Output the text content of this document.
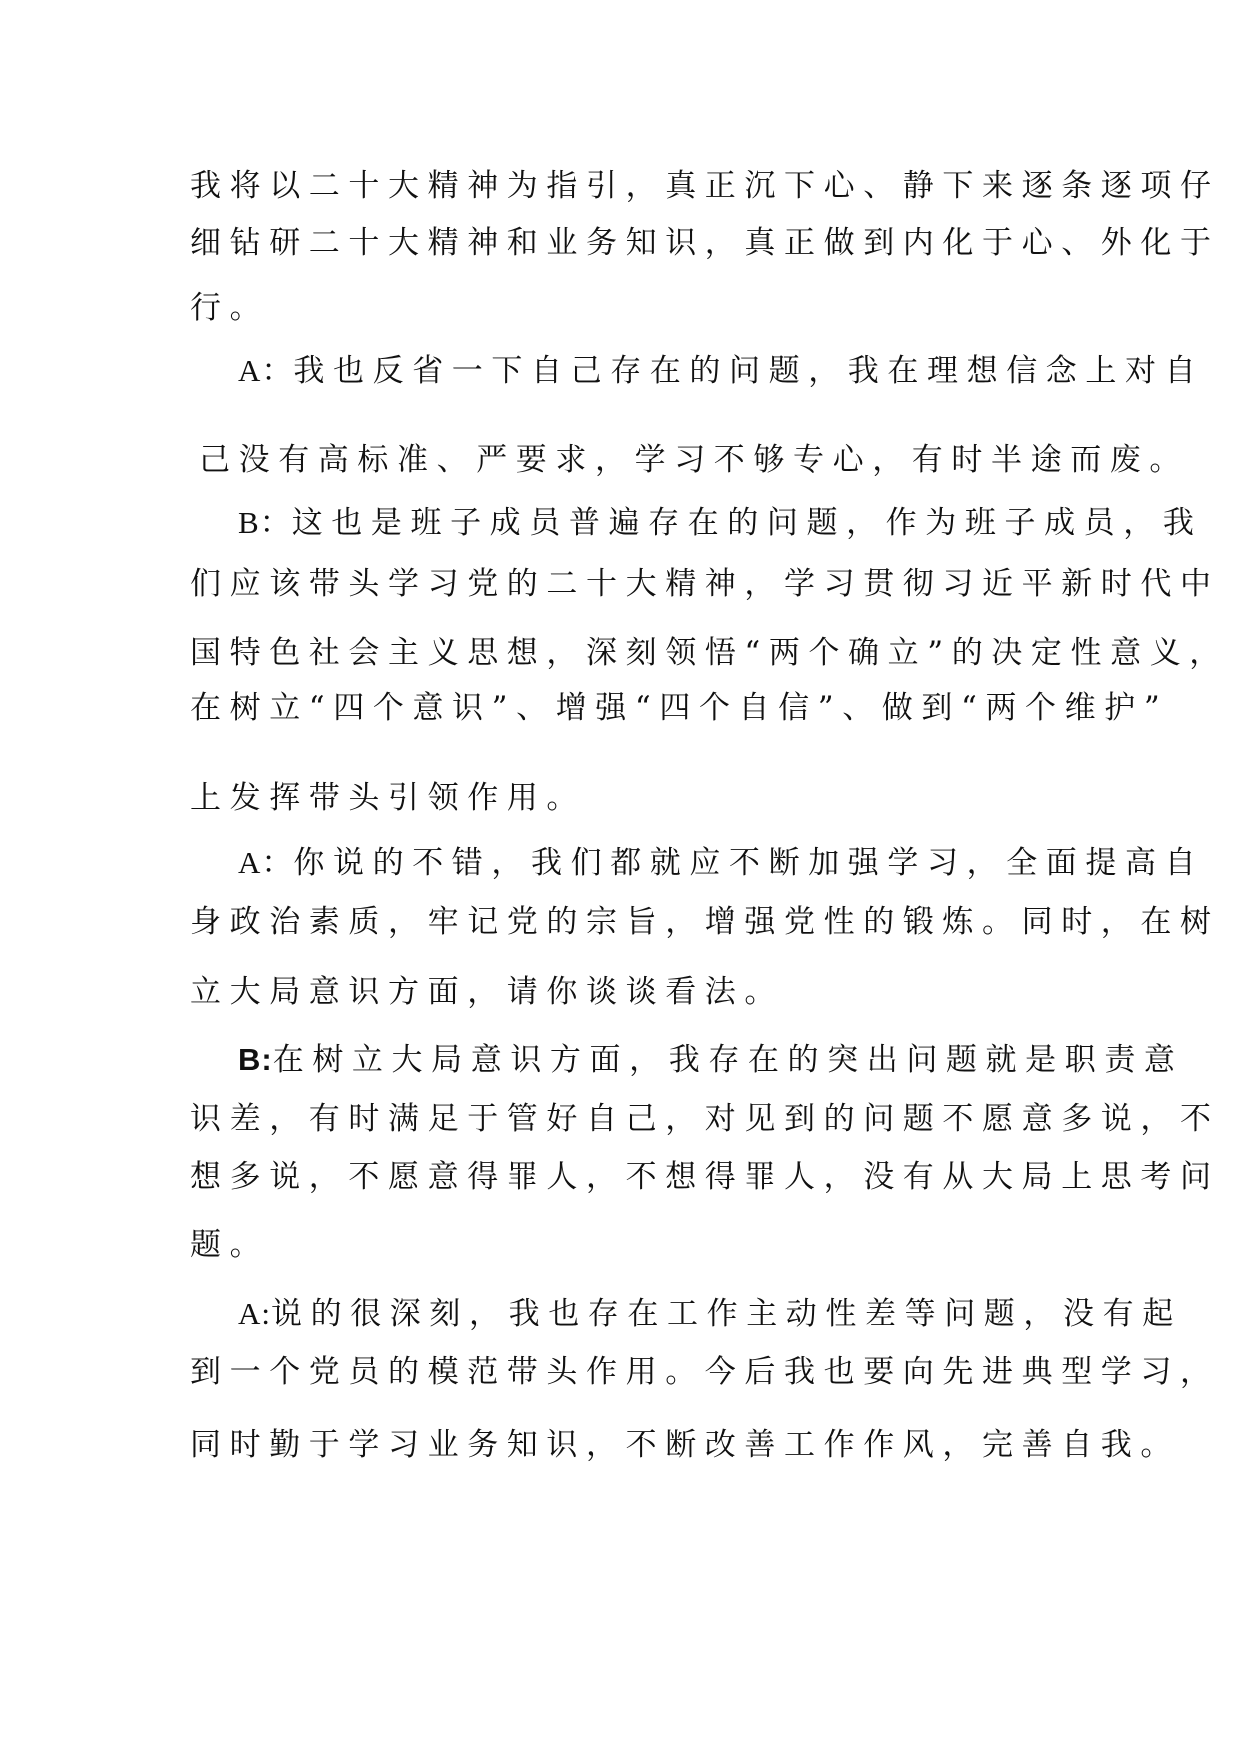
我将以二十大精神为指引，真正沉下心、静下来逐条逐项仔
细钻研二十大精神和业务知识，真正做到内化于心、外化于
行。
A：我也反省一下自己存在的问题，我在理想信念上对自
己没有高标准、严要求，学习不够专心，有时半途而废。
B：这也是班子成员普遍存在的问题，作为班子成员，我
们应该带头学习党的二十大精神，学习贯彻习近平新时代中
国特色社会主义思想，深刻领悟“两个确立”的决定性意义，
在树立“四个意识”、增强“四个自信”、做到“两个维护”
上发挥带头引领作用。
A：你说的不错，我们都就应不断加强学习，全面提高自
身政治素质，牢记党的宗旨，增强党性的锻炼。同时，在树
立大局意识方面，请你谈谈看法。
B:在树立大局意识方面，我存在的突出问题就是职责意
识差，有时满足于管好自己，对见到的问题不愿意多说，不
想多说，不愿意得罪人，不想得罪人，没有从大局上思考问
题。
A:说的很深刻，我也存在工作主动性差等问题，没有起
到一个党员的模范带头作用。今后我也要向先进典型学习，
同时勤于学习业务知识，不断改善工作作风，完善自我。
